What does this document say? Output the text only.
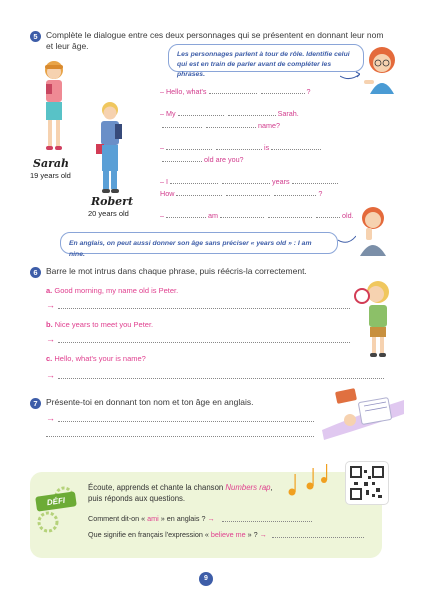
5 Complète le dialogue entre ces deux personnages qui se présentent en donnant leur nom et leur âge.
Sarah
19 years old
Robert
20 years old
Les personnages parlent à tour de rôle. Identifie celui qui est en train de parler avant de compléter les phrases.
– Hello, what's	?
– My	Sarah.
name?
–	is
old are you?
– I	years
How	?
–	am	old.
En anglais, on peut aussi donner son âge sans préciser « years old » : I am nine.
6 Barre le mot intrus dans chaque phrase, puis réécris-la correctement.
a. Good morning, my name old is Peter.
→
b. Nice years to meet you Peter.
→
c. Hello, what's your is name?
→
7 Présente-toi en donnant ton nom et ton âge en anglais.
→
DÉFI
Écoute, apprends et chante la chanson Numbers rap,
puis réponds aux questions.
Comment dit-on « ami » en anglais ? →
Que signifie en français l'expression « believe me » ? →
9
